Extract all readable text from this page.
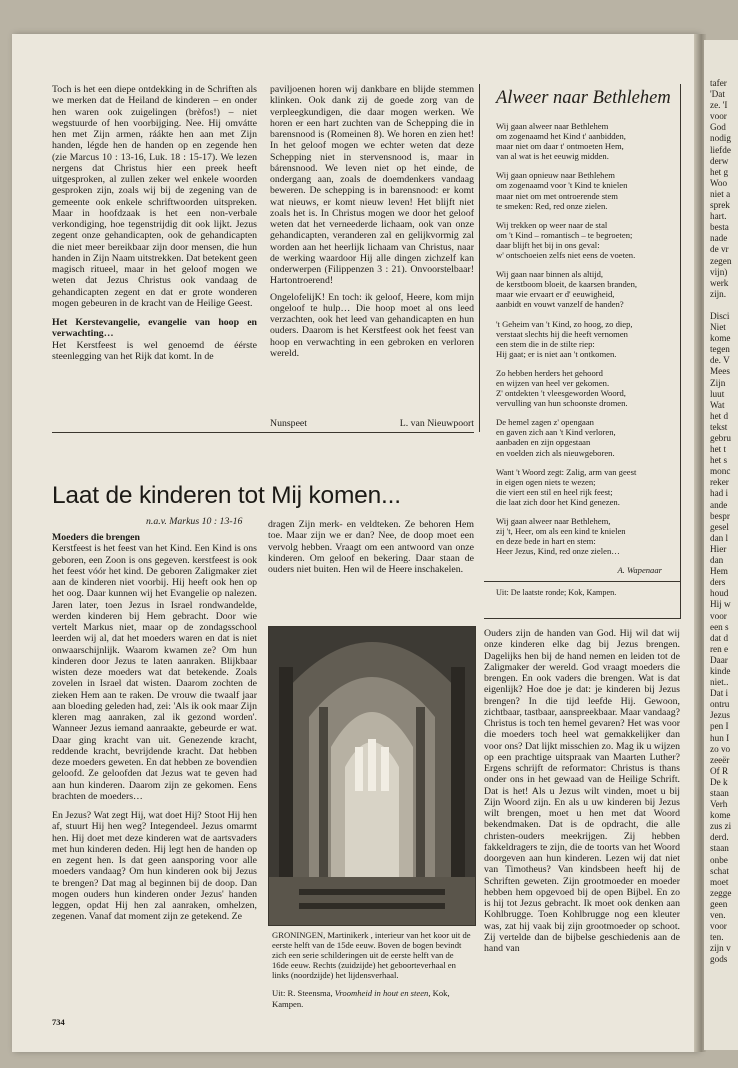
tafer
'Dat
ze. 'I
voor
God
nodig
liefde
derw
het g
Woo
niet a
sprek
hart.
besta
nade
de vr
zegen
vijn)
werk
zijn.

Disci
Niet
kome
tegen
de. V
Mees
Zijn
luut
Wat
het d
tekst
gebru
het t
het s
monc
reker
had i
ande
bespr
gesel
dan l
Hier
dan
Hem
ders
houd
Hij w
voor
een s
dat d
ren e
Daar
kinde
niet..
Dat i
ontru
Jezus
pen I
hun I
zo vo
zeeër
Of R
De k
staan
Verh
kome
zus zi
derd.
staan
onbe
schat
moet
zegge
geen
ven.
voor
ten.
zijn v
gods

Toch is het een diepe ontdekking in de Schriften als we merken dat de Heiland de kinderen – en onder hen waren ook zuigelingen (brèfos!) – niet wegstuurde of hen voorbijging. Nee. Hij omvátte hen met Zijn armen, ráákte hen aan met Zijn handen, légde hen de handen op en zegende hen (zie Marcus 10 : 13-16, Luk. 18 : 15-17). We lezen nergens dat Christus hier een preek heeft uitgesproken, al zullen zeker wel enkele woorden gesproken zijn, zoals wij bij de zegening van de gemeente ook enkele schriftwoorden uitspreken. Maar in hoofdzaak is het een non-verbale verkondiging, hoe tegenstrijdig dit ook lijkt. Jezus zegent onze gehandicapten, ook de gehandicapten die niet meer bereikbaar zijn door mensen, die hun handen in Zijn Naam uitstrekken. Dat betekent geen magisch ritueel, maar in het geloof mogen we weten dat Jezus Christus ook vandaag de gehandicapten zegent en dat er grote wonderen mogen gebeuren in de kracht van de Heilige Geest.

Het Kerstevangelie, evangelie van hoop en verwachting…

Het Kerstfeest is wel genoemd de éérste steenlegging van het Rijk dat komt. In de

paviljoenen horen wij dankbare en blijde stemmen klinken. Ook dank zij de goede zorg van de verpleegkundigen, die daar mogen werken. We horen er een hart zuchten van de Schepping die in barensnood is (Romeinen 8). We horen en zien het! In het geloof mogen we echter weten dat deze Schepping niet in stervensnood is, maar in bárensnood. We leven niet op het einde, de ondergang aan, zoals de doemdenkers vandaag beweren. De schepping is in barensnood: er komt wat nieuws, er komt nieuw leven! Het blijft niet zoals het is. In Christus mogen we door het geloof weten dat het verneederde lichaam, ook van onze gehandicapten, veranderen zal en gelijkvormig zal worden aan het heerlijk lichaam van Christus, naar de werking waardoor Hij alle dingen zichzelf kan onderwerpen (Filippenzen 3 : 21). Onvoorstelbaar! Hartontroerend!

OngelofelijK! En toch: ik geloof, Heere, kom mijn ongeloof te hulp… Die hoop moet al ons leed verzachten, ook het leed van gehandicapten en hun ouders. Daarom is het Kerstfeest ook het feest van hoop en verwachting in een gebroken en verloren wereld.

Nunspeet	L. van Nieuwpoort
Alweer naar Bethlehem
Wij gaan alweer naar Bethlehem
om zogenaamd het Kind t' aanbidden,
maar niet om daar t' ontmoeten Hem,
van al wat is het eeuwig midden.
Wij gaan opnieuw naar Bethlehem
om zogenaamd voor 't Kind te knielen
maar niet om met ontroerende stem
te smeken: Red, red onze zielen.
Wij trekken op weer naar de stal
om 't Kind – romantisch – te begroeten;
daar blijft het bij in ons geval:
w' ontschoeien zelfs niet eens de voeten.
Wij gaan naar binnen als altijd,
de kerstboom bloeit, de kaarsen branden,
maar wie ervaart er d' eeuwigheid,
aanbidt en vouwt vanzelf de handen?
't Geheim van 't Kind, zo hoog, zo diep,
verstaat slechts hij die heeft vernomen
een stem die in de stilte riep:
Hij gaat; er is niet aan 't ontkomen.
Zo hebben herders het gehoord
en wijzen van heel ver gekomen.
Z' ontdekten 't vleesgeworden Woord,
vervulling van hun schoonste dromen.
De hemel zagen z' opengaan
en gaven zich aan 't Kind verloren,
aanbaden en zijn opgestaan
en voelden zich als nieuwgeboren.
Want 't Woord zegt: Zalig, arm van geest
in eigen ogen niets te wezen;
die viert een stil en heel rijk feest;
die laat zich door het Kind genezen.
Wij gaan alweer naar Bethlehem,
zij 't, Heer, om als een kind te knielen
en deze bede in hart en stem:
Heer Jezus, Kind, red onze zielen…
A. Wapenaar
Uit: De laatste ronde; Kok, Kampen.
Laat de kinderen tot Mij komen...
n.a.v. Markus 10 : 13-16
Moeders die brengen

Kerstfeest is het feest van het Kind. Een Kind is ons geboren, een Zoon is ons gegeven. kerstfeest is ook het feest vóór het kind. De geboren Zaligmaker ziet aan de kinderen niet voorbij. Hij heeft ook hen op het oog. Daar kunnen wij het Evangelie op nalezen. Jaren later, toen Jezus in Israel rondwandelde, werden kinderen bij Hem gebracht. Door wie vertelt Markus niet, maar op de zondagsschool leerden wij al, dat het moeders waren en dat is niet onwaarschijnlijk. Waarom kwamen ze? Om hun kinderen door Jezus te laten aanraken. Blijkbaar wisten deze moeders wat dat betekende. Zoals zovelen in Israel dat wisten. Daarom zochten de zieken Hem aan te raken. De vrouw die twaalf jaar aan bloeding geleden had, zei: 'Als ik ook maar Zijn kleren mag aanraken, zal ik gezond worden'. Wanneer Jezus iemand aanraakte, gebeurde er wat. Daar ging kracht van uit. Genezende kracht, reddende kracht, bevrijdende kracht. Dat hebben deze moeders geweten. En dat hebben ze bovendien geloofd. Ze geloofden dat Jezus wat te geven had aan hun kinderen. Daarom zijn ze gekomen. Eens brachten de moeders…

En Jezus? Wat zegt Hij, wat doet Hij? Stoot Hij hen af, stuurt Hij hen weg? Integendeel. Jezus omarmt hen. Hij doet met deze kinderen wat de aartsvaders met hun kinderen deden. Hij legt hen de handen op en zegent hen. Is dat geen aansporing voor alle moeders vandaag? Om hun kinderen ook bij Jezus te brengen? Dat mag al beginnen bij de doop. Dan mogen ouders hun kinderen onder Jezus' handen leggen, opdat Hij hen zal aanraken, omhelzen, zegenen. Vanaf dat moment zijn ze getekend. Ze

dragen Zijn merk- en veldteken. Ze behoren Hem toe. Maar zijn we er dan? Nee, de doop moet een vervolg hebben. Vraagt om een antwoord van onze kinderen. Om geloof en bekering. Daar staan de ouders niet buiten. Hen wil de Heere inschakelen.

GRONINGEN, Martinikerk , interieur van het koor uit de eerste helft van de 15de eeuw. Boven de bogen bevindt zich een serie schilderingen uit de eerste helft van de 16de eeuw. Rechts (zuidzijde) het geboorteverhaal en links (noordzijde) het lijdensverhaal.

Uit: R. Steensma, Vroomheid in hout en steen, Kok, Kampen.

Ouders zijn de handen van God. Hij wil dat wij onze kinderen elke dag bij Jezus brengen. Dagelijks hen bij de hand nemen en leiden tot de Zaligmaker der wereld. God vraagt moeders die brengen. En ook vaders die brengen. Wat is dat eigenlijk? Hoe doe je dat: je kinderen bij Jezus brengen? In die tijd leefde Hij. Gewoon, zichtbaar, tastbaar, aanspreekbaar. Maar vandaag? Christus is toch ten hemel gevaren? Het was voor die moeders toch heel wat gemakkelijker dan voor ons? Dat lijkt misschien zo. Mag ik u wijzen op een prachtige uitspraak van Maarten Luther? Ergens schrijft de reformator: Christus is thans onder ons in het gewaad van de Heilige Schrift. Dat is het! Als u Jezus wilt vinden, moet u bij Zijn Woord zijn. En als u uw kinderen bij Jezus wilt brengen, moet u hen met dat Woord bekendmaken. Dat is de opdracht, die alle christen-ouders meekrijgen. Zij hebben fakkeldragers te zijn, die de toorts van het Woord doorgeven aan hun kinderen. Lezen wij dat niet van Timotheus? Van kindsbeen heeft hij de Schriften geweten. Zijn grootmoeder en moeder hebben hem opgevoed bij de open Bijbel. En zo is hij tot Jezus gebracht. Ik moet ook denken aan Kohlbrugge. Toen Kohlbrugge nog een kleuter was, zat hij vaak bij zijn grootmoeder op schoot. Zij vertelde dan de bijbelse geschiedenis aan de hand van

734
